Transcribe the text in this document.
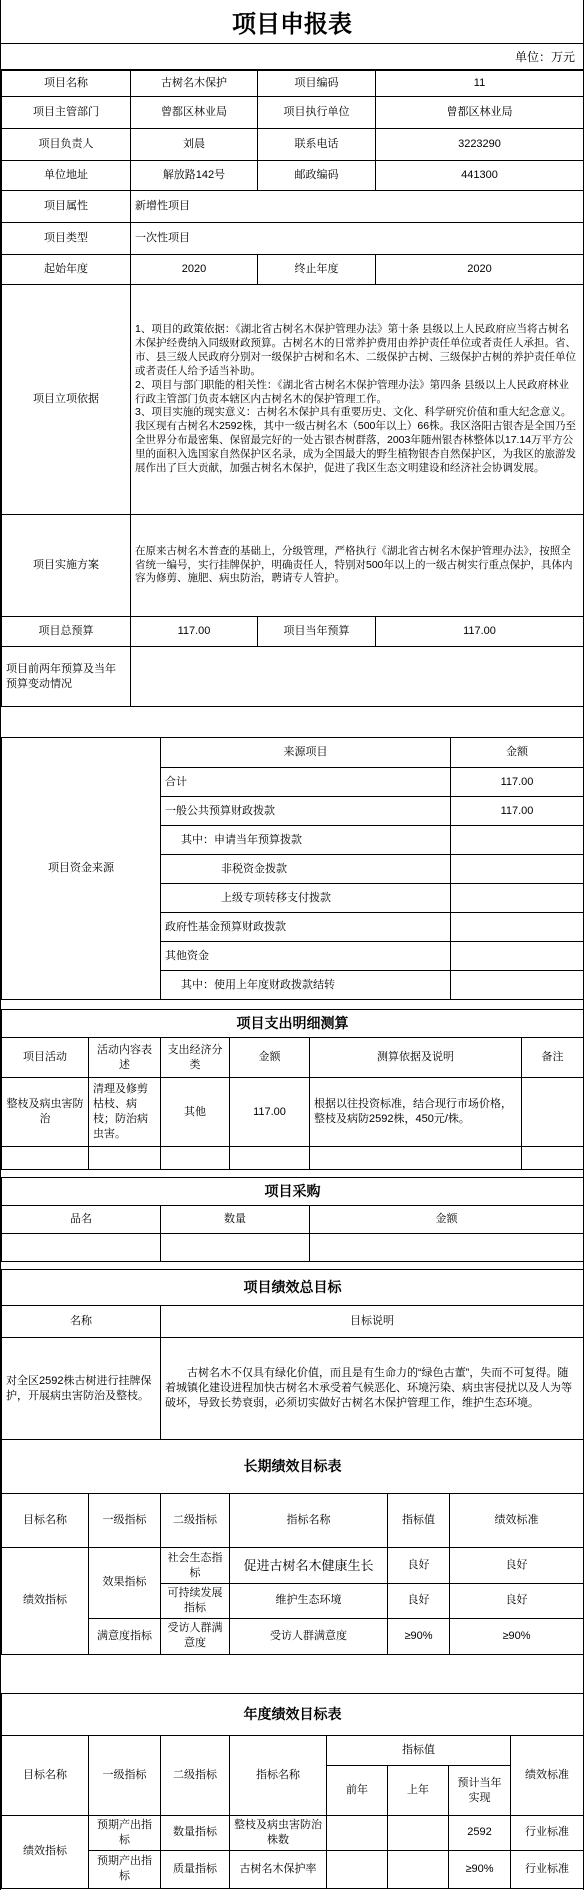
项目申报表
单位：万元
项目名称	古树名木保护	项目编码	11
项目主管部门	曾都区林业局	项目执行单位	曾都区林业局
项目负责人	刘晨	联系电话	3223290
单位地址	解放路142号	邮政编码	441300
项目属性	新增性项目		
项目类型	一次性项目		
起始年度	2020	终止年度	2020
项目立项依据	1、项目的政策依据：《湖北省古树名木保护管理办法》第十条 县级以上人民政府应当将古树名木保护经费纳入同级财政预算。古树名木的日常养护费用由养护责任单位或者责任人承担。省、市、县三级人民政府分别对一级保护古树和名木、二级保护古树、三级保护古树的养护责任单位或者责任人给予适当补助。
2、项目与部门职能的相关性：《湖北省古树名木保护管理办法》第四条 县级以上人民政府林业行政主管部门负责本辖区内古树名木的保护管理工作。
3、项目实施的现实意义：古树名木保护具有重要历史、文化、科学研究价值和重大纪念意义。我区现有古树名木2592株，其中一级古树名木（500年以上）66株。我区洛阳古银杏是全国乃至全世界分布最密集、保留最完好的一处古银杏树群落，2003年随州银杏林整体以17.14万平方公里的面积入选国家自然保护区名录，成为全国最大的野生植物银杏自然保护区，为我区的旅游发展作出了巨大贡献，加强古树名木保护，促进了我区生态文明建设和经济社会协调发展。		
项目实施方案	在原来古树名木普查的基础上，分级管理，严格执行《湖北省古树名木保护管理办法》，按照全省统一编号，实行挂牌保护，明确责任人，特别对500年以上的一级古树实行重点保护，具体内容为修剪、施肥、病虫防治，聘请专人管护。		
项目总预算	117.00	项目当年预算	117.00
项目前两年预算及当年预算变动情况			
项目资金来源	来源项目	金额
	合计	117.00
	一般公共预算财政拨款	117.00
	其中：申请当年预算拨款	
	非税资金拨款	
	上级专项转移支付拨款	
	政府性基金预算财政拨款	
	其他资金	
	其中：使用上年度财政拨款结转	
项目支出明细测算					
项目活动	活动内容表述	支出经济分类	金额	测算依据及说明	备注
整枝及病虫害防治	清理及修剪枯枝、病枝；防治病虫害。	其他	117.00	根据以往投资标准，结合现行市场价格，整枝及病防2592株，450元/株。	

项目采购		
品名	数量	金额

项目绩效总目标	
名称	目标说明
对全区2592株古树进行挂牌保护，开展病虫害防治及整枝。	古树名木不仅具有绿化价值，而且是有生命力的“绿色古董”，失而不可复得。随着城镇化建设进程加快古树名木承受着气候恶化、环境污染、病虫害侵扰以及人为等破坏，导致长势衰弱，必须切实做好古树名木保护管理工作，维护生态环境。
长期绩效目标表					
目标名称	一级指标	二级指标	指标名称	指标值	绩效标准
绩效指标	效果指标	社会生态指标	促进古树名木健康生长	良好	良好
		可持续发展指标	维护生态环境	良好	良好
	满意度指标	受访人群满意度	受访人群满意度	≥90%	≥90%
年度绩效目标表							
目标名称	一级指标	二级指标	指标名称	指标值			绩效标准
				前年	上年	预计当年实现	
绩效指标	预期产出指标	数量指标	整枝及病虫害防治株数			2592	行业标准
	预期产出指标	质量指标	古树名木保护率			≥90%	行业标准
